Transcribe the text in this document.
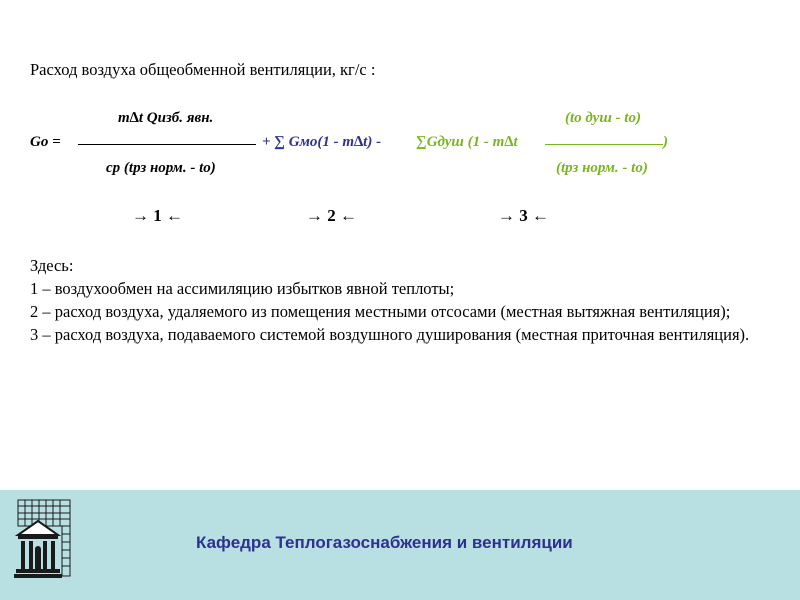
Расход воздуха общеобменной вентиляции, кг/с :
Gо =
m∆t Qизб. явн.
cр (tрз норм. - tо)
+ ∑ Gмо(1 - m∆t) - ∑Gдуш (1 - m∆t	)
(tо душ - tо)
(tрз норм. - tо)
→ 1 ←	→ 2 ←	→ 3 ←
Здесь:
1 – воздухообмен на ассимиляцию избытков явной теплоты;
2 – расход воздуха, удаляемого из помещения местными отсосами (местная вытяжная вентиляция);
3 – расход воздуха, подаваемого системой воздушного душирования (местная приточная вентиляция).
Кафедра Теплогазоснабжения и вентиляции
